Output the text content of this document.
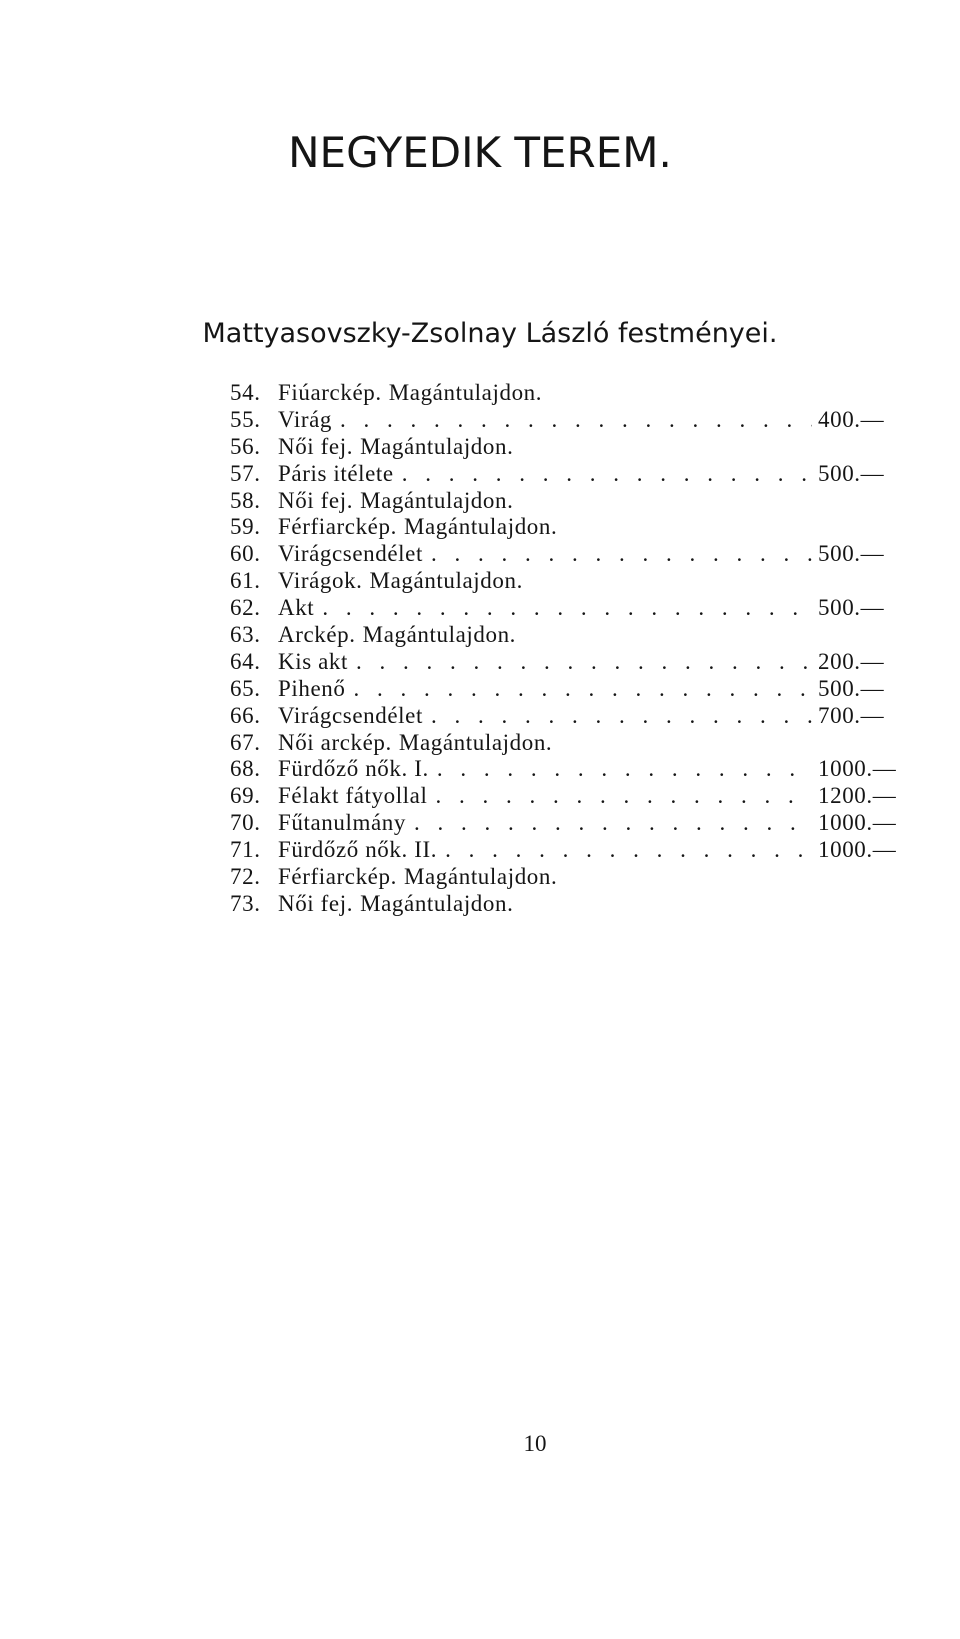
NEGYEDIK TEREM.
Mattyasovszky-Zsolnay László festményei.
54. Fiúarckép. Magántulajdon.
55. Virág . . .	400.—
56. Női fej. Magántulajdon.
57. Páris itélete . . .	500.—
58. Női fej. Magántulajdon.
59. Férfiarckép. Magántulajdon.
60. Virágcsendélet . . .	500.—
61. Virágok. Magántulajdon.
62. Akt . . .	500.—
63. Arckép. Magántulajdon.
64. Kis akt . . .	200.—
65. Pihenő . . .	500.—
66. Virágcsendélet . . .	700.—
67. Női arckép. Magántulajdon.
68. Fürdőző nők. I. . . .	1000.—
69. Félakt fátyollal . . .	1200.—
70. Fűtanulmány . . .	1000.—
71. Fürdőző nők. II. . . .	1000.—
72. Férfiarckép. Magántulajdon.
73. Női fej. Magántulajdon.
10
